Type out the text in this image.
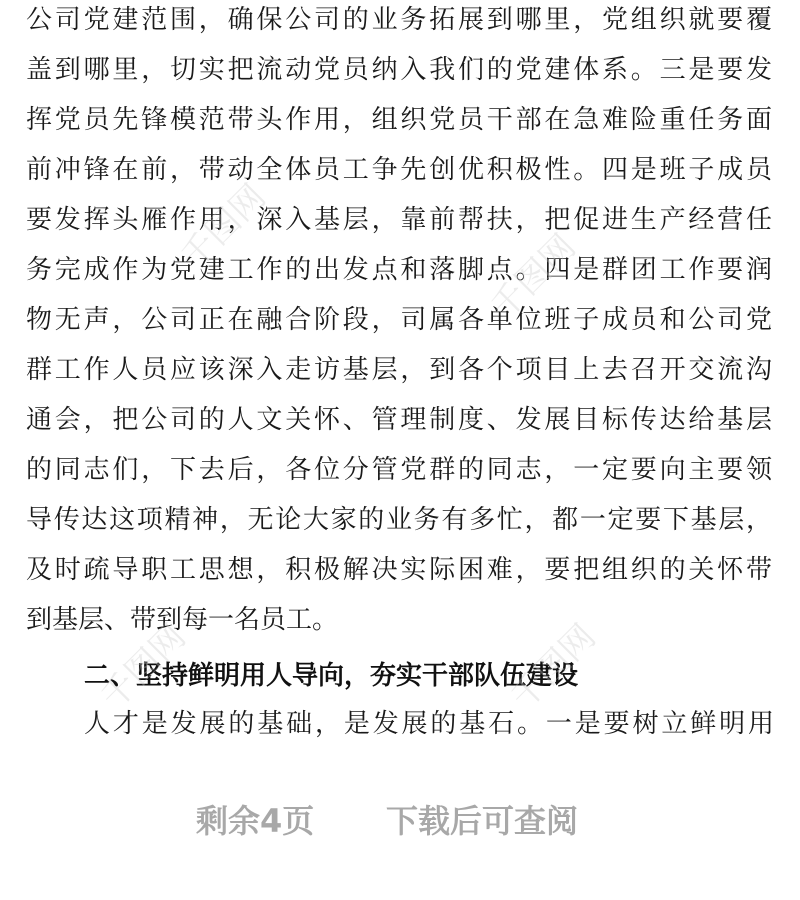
公司党建范围，确保公司的业务拓展到哪里，党组织就要覆
盖到哪里，切实把流动党员纳入我们的党建体系。三是要发
挥党员先锋模范带头作用，组织党员干部在急难险重任务面
前冲锋在前，带动全体员工争先创优积极性。四是班子成员
要发挥头雁作用，深入基层，靠前帮扶，把促进生产经营任
务完成作为党建工作的出发点和落脚点。四是群团工作要润
物无声，公司正在融合阶段，司属各单位班子成员和公司党
群工作人员应该深入走访基层，到各个项目上去召开交流沟
通会，把公司的人文关怀、管理制度、发展目标传达给基层
的同志们，下去后，各位分管党群的同志，一定要向主要领
导传达这项精神，无论大家的业务有多忙，都一定要下基层，
及时疏导职工思想，积极解决实际困难，要把组织的关怀带
到基层、带到每一名员工。
二、坚持鲜明用人导向，夯实干部队伍建设
人才是发展的基础，是发展的基石。一是要树立鲜明用
剩余4页 下载后可查阅
千图网	千图网
千图网	千图网
